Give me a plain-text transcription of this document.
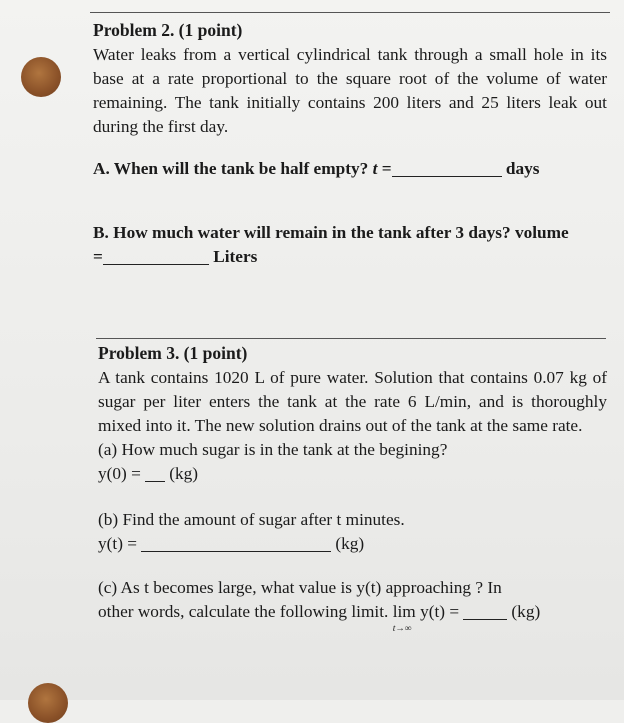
Problem 2. (1 point)
Water leaks from a vertical cylindrical tank through a small hole in its base at a rate proportional to the square root of the volume of water remaining. The tank initially contains 200 liters and 25 liters leak out during the first day.
A. When will the tank be half empty? t =	days
B. How much water will remain in the tank after 3 days? volume
=	Liters
Problem 3. (1 point)
A tank contains 1020 L of pure water. Solution that contains 0.07 kg of sugar per liter enters the tank at the rate 6 L/min, and is thoroughly mixed into it. The new solution drains out of the tank at the same rate.
(a) How much sugar is in the tank at the begining?
y(0) = (kg)
(b) Find the amount of sugar after t minutes.
y(t) =	(kg)
(c) As t becomes large, what value is y(t) approaching ? In
other words, calculate the following limit. lim
t→∞
y(t) =	(kg)
